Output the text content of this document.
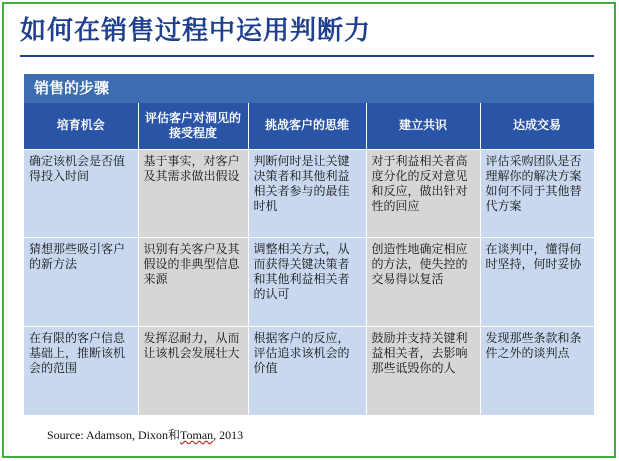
如何在销售过程中运用判断力
销售的步骤
培育机会	评估客户对洞见的接受程度	挑战客户的思维	建立共识	达成交易
确定该机会是否值得投入时间	基于事实，对客户及其需求做出假设	判断何时是让关键决策者和其他利益相关者参与的最佳时机	对于利益相关者高度分化的反对意见和反应，做出针对性的回应	评估采购团队是否理解你的解决方案如何不同于其他替代方案
猜想那些吸引客户的新方法	识别有关客户及其假设的非典型信息来源	调整相关方式，从而获得关键决策者和其他利益相关者的认可	创造性地确定相应的方法，使失控的交易得以复活	在谈判中，懂得何时坚持，何时妥协
在有限的客户信息基础上，推断该机会的范围	发挥忍耐力，从而让该机会发展壮大	根据客户的反应，评估追求该机会的价值	鼓励并支持关键利益相关者，去影响那些诋毁你的人	发现那些条款和条件之外的谈判点
Source: Adamson, Dixon和Toman, 2013
